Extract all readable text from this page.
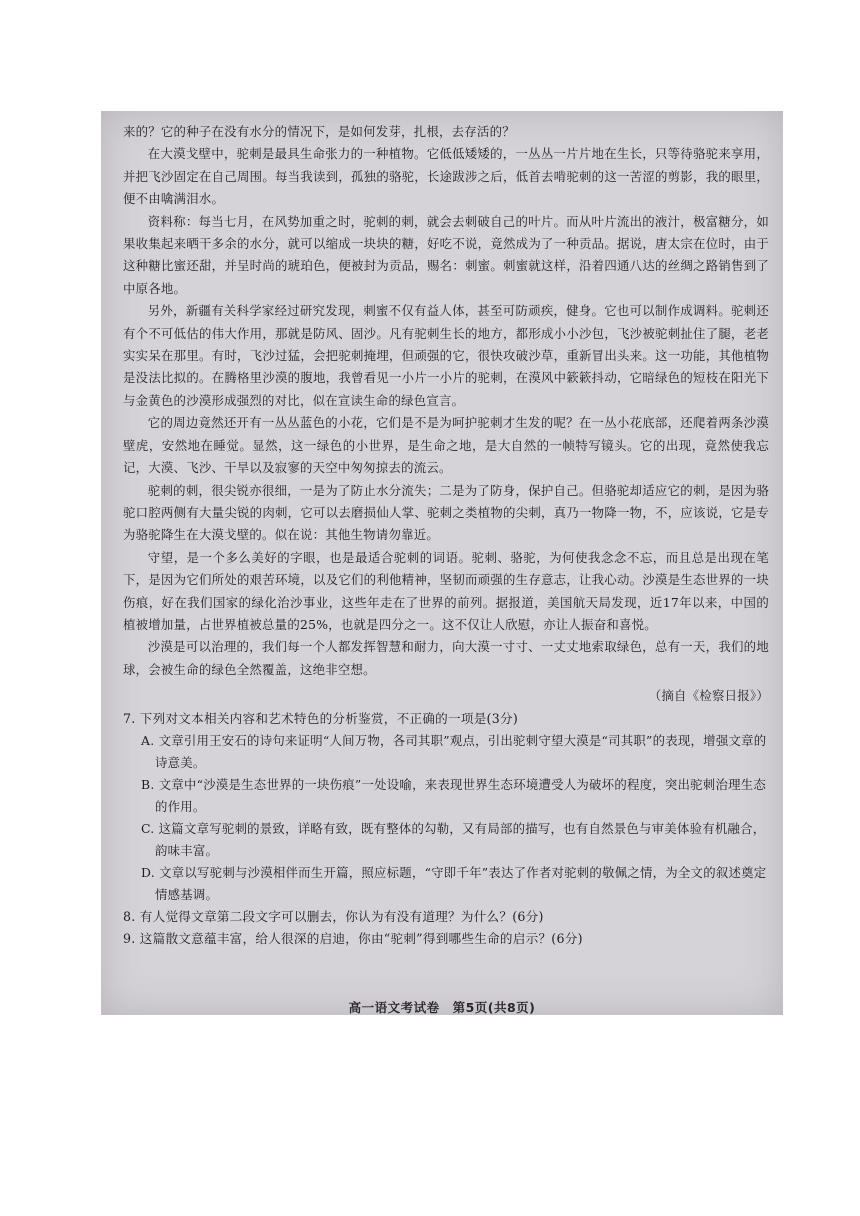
来的？它的种子在没有水分的情况下，是如何发芽，扎根，去存活的？

在大漠戈壁中，驼刺是最具生命张力的一种植物。它低低矮矮的，一丛丛一片片地在生长，只等待骆驼来享用，并把飞沙固定在自己周围。每当我读到，孤独的骆驼，长途跋涉之后，低首去啃驼刺的这一苦涩的剪影，我的眼里，便不由噙满泪水。

资料称：每当七月，在风势加重之时，驼刺的刺，就会去刺破自己的叶片。而从叶片流出的液汁，极富糖分，如果收集起来晒干多余的水分，就可以缩成一块块的糖，好吃不说，竟然成为了一种贡品。据说，唐太宗在位时，由于这种糖比蜜还甜，并呈时尚的琥珀色，便被封为贡品，赐名：刺蜜。刺蜜就这样，沿着四通八达的丝绸之路销售到了中原各地。

另外，新疆有关科学家经过研究发现，刺蜜不仅有益人体，甚至可防顽疾，健身。它也可以制作成调料。驼刺还有个不可低估的伟大作用，那就是防风、固沙。凡有驼刺生长的地方，都形成小小沙包，飞沙被驼刺扯住了腿，老老实实呆在那里。有时，飞沙过猛，会把驼刺掩埋，但顽强的它，很快攻破沙草，重新冒出头来。这一功能，其他植物是没法比拟的。在腾格里沙漠的腹地，我曾看见一小片一小片的驼刺，在漠风中簌簌抖动，它暗绿色的短枝在阳光下与金黄色的沙漠形成强烈的对比，似在宣读生命的绿色宣言。

它的周边竟然还开有一丛丛蓝色的小花，它们是不是为呵护驼刺才生发的呢？在一丛小花底部，还爬着两条沙漠壁虎，安然地在睡觉。显然，这一绿色的小世界，是生命之地，是大自然的一帧特写镜头。它的出现，竟然使我忘记，大漠、飞沙、干旱以及寂寥的天空中匆匆掠去的流云。

驼刺的刺，很尖锐亦很细，一是为了防止水分流失；二是为了防身，保护自己。但骆驼却适应它的刺，是因为骆驼口腔两侧有大量尖锐的肉刺，它可以去磨损仙人掌、驼刺之类植物的尖刺，真乃一物降一物，不，应该说，它是专为骆驼降生在大漠戈壁的。似在说：其他生物请勿靠近。

守望，是一个多么美好的字眼，也是最适合驼刺的词语。驼刺、骆驼，为何使我念念不忘，而且总是出现在笔下，是因为它们所处的艰苦环境，以及它们的利他精神，坚韧而顽强的生存意志，让我心动。沙漠是生态世界的一块伤痕，好在我们国家的绿化治沙事业，这些年走在了世界的前列。据报道，美国航天局发现，近17年以来，中国的植被增加量，占世界植被总量的25%，也就是四分之一。这不仅让人欣慰，亦让人振奋和喜悦。

沙漠是可以治理的，我们每一个人都发挥智慧和耐力，向大漠一寸寸、一丈丈地索取绿色，总有一天，我们的地球，会被生命的绿色全然覆盖，这绝非空想。

（摘自《检察日报》）

7. 下列对文本相关内容和艺术特色的分析鉴赏，不正确的一项是(3分)

A. 文章引用王安石的诗句来证明“人间万物，各司其职”观点，引出驼刺守望大漠是“司其职”的表现，增强文章的诗意美。

B. 文章中“沙漠是生态世界的一块伤痕”一处设喻，来表现世界生态环境遭受人为破坏的程度，突出驼刺治理生态的作用。

C. 这篇文章写驼刺的景致，详略有致，既有整体的勾勒，又有局部的描写，也有自然景色与审美体验有机融合，韵味丰富。

D. 文章以写驼刺与沙漠相伴而生开篇，照应标题，“守即千年”表达了作者对驼刺的敬佩之情，为全文的叙述奠定情感基调。

8. 有人觉得文章第二段文字可以删去，你认为有没有道理？为什么？(6分)

9. 这篇散文意蕴丰富，给人很深的启迪，你由“驼刺”得到哪些生命的启示？(6分)

高一语文考试卷　第5页(共8页)
